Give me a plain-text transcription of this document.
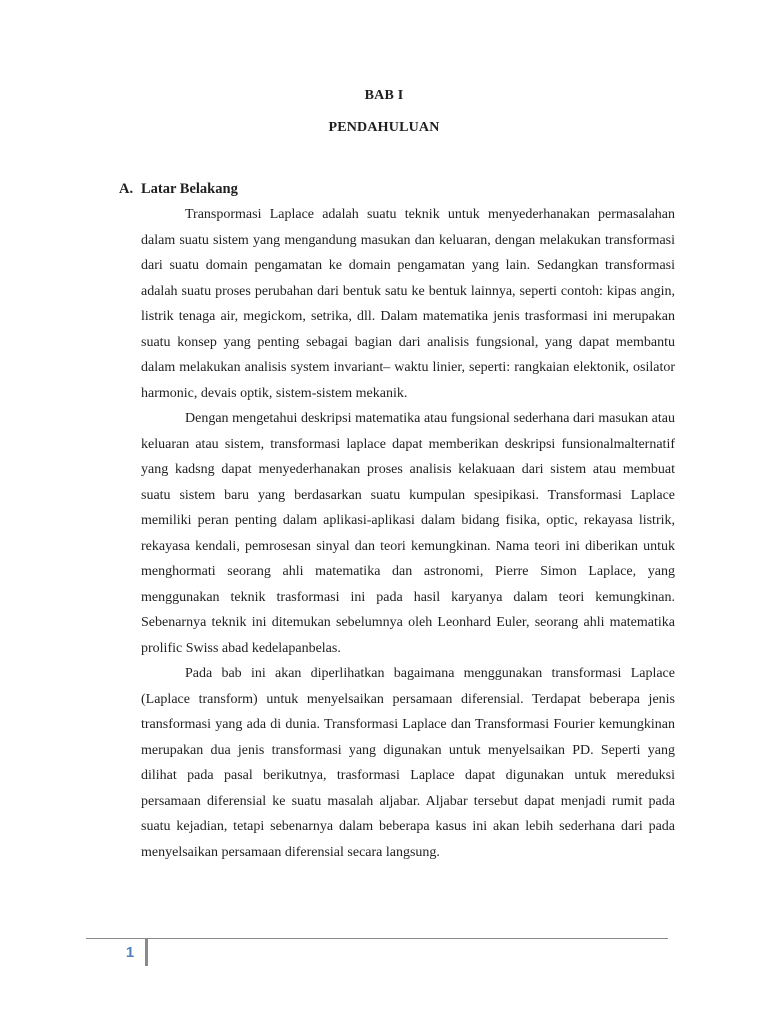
BAB I
PENDAHULUAN
A. Latar Belakang

Transpormasi Laplace adalah suatu teknik untuk menyederhanakan permasalahan dalam suatu sistem yang mengandung masukan dan keluaran, dengan melakukan transformasi dari suatu domain pengamatan ke domain pengamatan yang lain. Sedangkan transformasi adalah suatu proses perubahan dari bentuk satu ke bentuk lainnya, seperti contoh: kipas angin, listrik tenaga air, megickom, setrika, dll. Dalam matematika jenis trasformasi ini merupakan suatu konsep yang penting sebagai bagian dari analisis fungsional, yang dapat membantu dalam melakukan analisis system invariant– waktu linier, seperti: rangkaian elektonik, osilator harmonic, devais optik, sistem-sistem mekanik.

Dengan mengetahui deskripsi matematika atau fungsional sederhana dari masukan atau keluaran atau sistem, transformasi laplace dapat memberikan deskripsi funsionalmalternatif yang kadsng dapat menyederhanakan proses analisis kelakuaan dari sistem atau membuat suatu sistem baru yang berdasarkan suatu kumpulan spesipikasi. Transformasi Laplace memiliki peran penting dalam aplikasi-aplikasi dalam bidang fisika, optic, rekayasa listrik, rekayasa kendali, pemrosesan sinyal dan teori kemungkinan. Nama teori ini diberikan untuk menghormati seorang ahli matematika dan astronomi, Pierre Simon Laplace, yang menggunakan teknik trasformasi ini pada hasil karyanya dalam teori kemungkinan. Sebenarnya teknik ini ditemukan sebelumnya oleh Leonhard Euler, seorang ahli matematika prolific Swiss abad kedelapanbelas.

Pada bab ini akan diperlihatkan bagaimana menggunakan transformasi Laplace (Laplace transform) untuk menyelsaikan persamaan diferensial. Terdapat beberapa jenis transformasi yang ada di dunia. Transformasi Laplace dan Transformasi Fourier kemungkinan merupakan dua jenis transformasi yang digunakan untuk menyelsaikan PD. Seperti yang dilihat pada pasal berikutnya, trasformasi Laplace dapat digunakan untuk mereduksi persamaan diferensial ke suatu masalah aljabar. Aljabar tersebut dapat menjadi rumit pada suatu kejadian, tetapi sebenarnya dalam beberapa kasus ini akan lebih sederhana dari pada menyelsaikan persamaan diferensial secara langsung.

1
